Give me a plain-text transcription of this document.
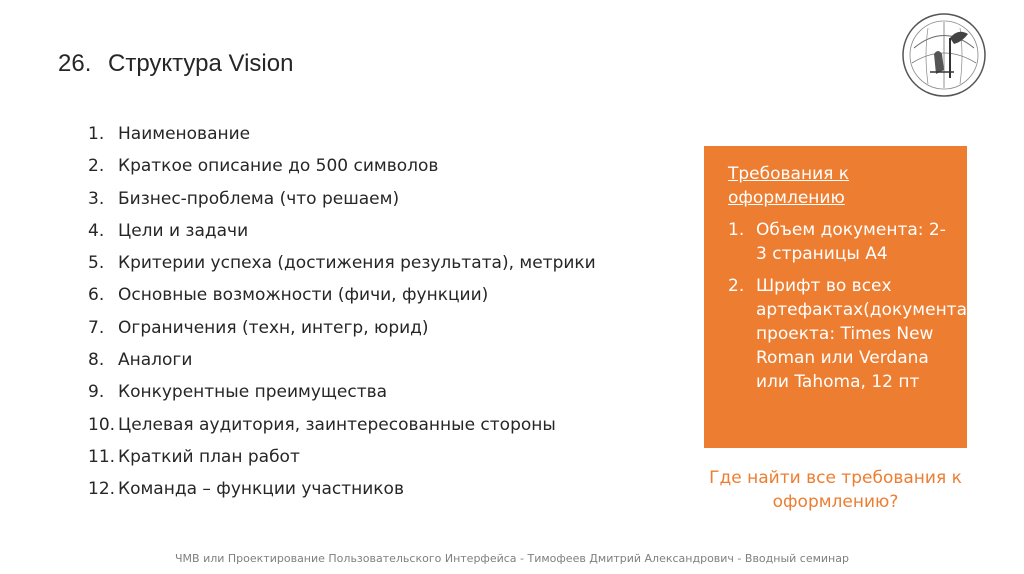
26. Структура Vision
1. Наименование
2. Краткое описание до 500 символов
3. Бизнес-проблема (что решаем)
4. Цели и задачи
5. Критерии успеха (достижения результата), метрики
6. Основные возможности (фичи, функции)
7. Ограничения (техн, интегр, юрид)
8. Аналоги
9. Конкурентные преимущества
10. Целевая аудитория, заинтересованные стороны
11. Краткий план работ
12. Команда – функции участников
Требования к оформлению
1. Объем документа: 2-3 страницы А4
2. Шрифт во всех артефактах(документах) проекта: Times New Roman или Verdana или Tahoma, 12 пт
Где найти все требования к оформлению?
ЧМВ или Проектирование Пользовательского Интерфейса - Тимофеев Дмитрий Александрович - Вводный семинар
